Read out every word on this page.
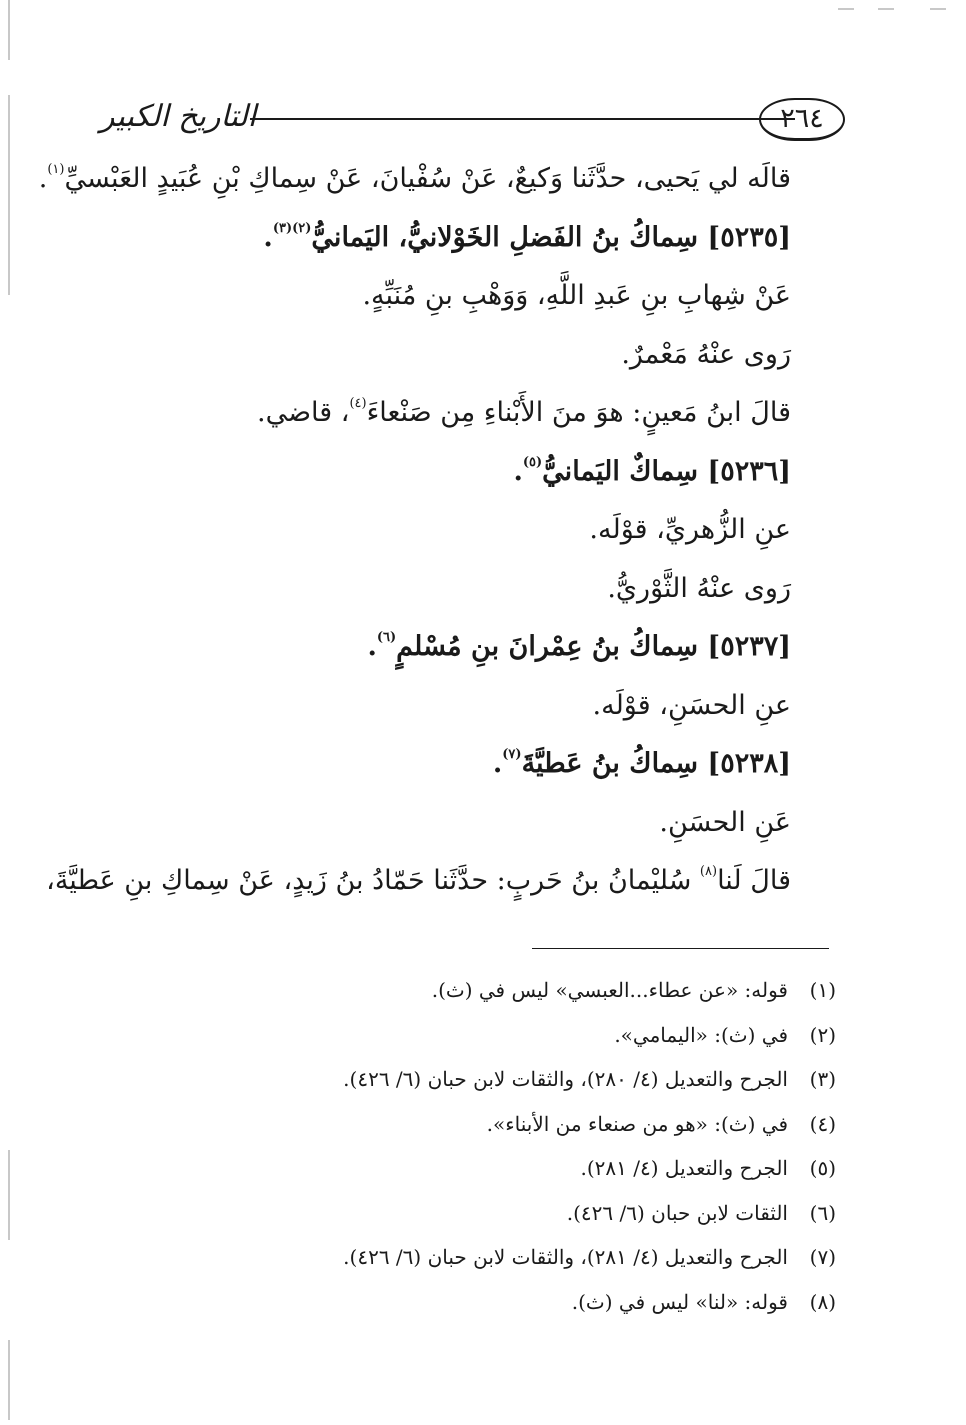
التاريخ الكبير	٢٦٤

قالَه لي يَحيى، حدَّثَنا وَكيعٌ، عَنْ سُفْيانَ، عَنْ سِماكِ بْنِ عُبَيدٍ العَبْسيِّ$^{(١)}$.

[٥٢٣٥] سِماكُ بنُ الفَضلِ الخَوْلانيُّ، اليَمانيُّ$^{(٢)(٣)}$.

عَنْ شِهابِ بنِ عَبدِ اللَّهِ، وَوَهْبِ بنِ مُنَبِّهٍ.

رَوى عنْهُ مَعْمرٌ.

قالَ ابنُ مَعينٍ: هوَ منَ الأَبْناءِ مِن صَنْعاءَ$^{(٤)}$، قاضي.

[٥٢٣٦] سِماكٌ اليَمانيُّ$^{(٥)}$.

عنِ الزُّهريِّ، قوْلَه.

رَوى عنْهُ الثَّوْريُّ.

[٥٢٣٧] سِماكُ بنُ عِمْرانَ بنِ مُسْلمٍ$^{(٦)}$.

عنِ الحسَنِ، قوْلَه.

[٥٢٣٨] سِماكُ بنُ عَطيَّةَ$^{(٧)}$.

عَنِ الحسَنِ.

قالَ لَنا$^{(٨)}$ سُليْمانُ بنُ حَربٍ: حدَّثَنا حَمّادُ بنُ زَيدٍ، عَنْ سِماكِ بنِ عَطيَّةَ،

(١)قوله: «عن عطاء...العبسي» ليس في (ث).
(٢)في (ث): «اليمامي».
(٣)الجرح والتعديل (٤/ ٢٨٠)، والثقات لابن حبان (٦/ ٤٢٦).
(٤)في (ث): «هو من صنعاء من الأبناء».
(٥)الجرح والتعديل (٤/ ٢٨١).
(٦)الثقات لابن حبان (٦/ ٤٢٦).
(٧)الجرح والتعديل (٤/ ٢٨١)، والثقات لابن حبان (٦/ ٤٢٦).
(٨)قوله: «لنا» ليس في (ث).
